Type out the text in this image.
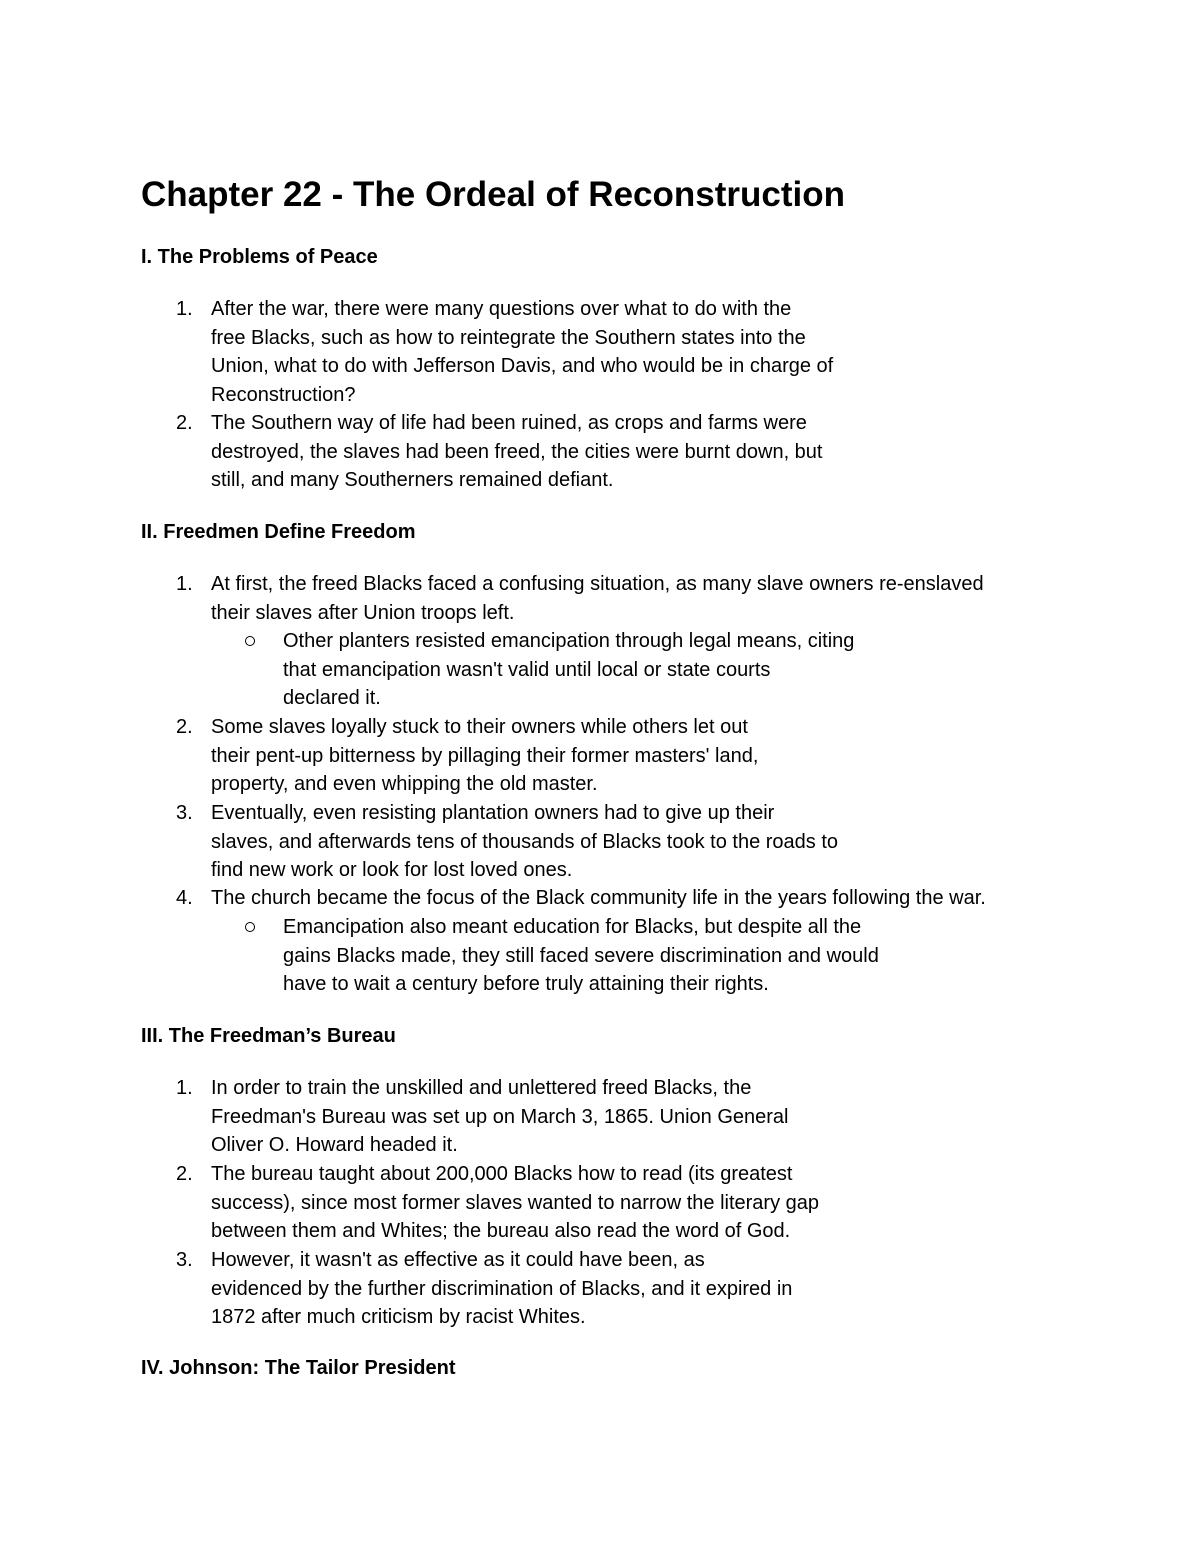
Chapter 22 - The Ordeal of Reconstruction
I. The Problems of Peace
1. After the war, there were many questions over what to do with the
free Blacks, such as how to reintegrate the Southern states into the
Union, what to do with Jefferson Davis, and who would be in charge of
Reconstruction?
2. The Southern way of life had been ruined, as crops and farms were
destroyed, the slaves had been freed, the cities were burnt down, but
still, and many Southerners remained defiant.
II. Freedmen Define Freedom
1. At first, the freed Blacks faced a confusing situation, as many slave owners re-enslaved
their slaves after Union troops left.
Other planters resisted emancipation through legal means, citing
that emancipation wasn't valid until local or state courts
declared it.
2. Some slaves loyally stuck to their owners while others let out
their pent-up bitterness by pillaging their former masters' land,
property, and even whipping the old master.
3. Eventually, even resisting plantation owners had to give up their
slaves, and afterwards tens of thousands of Blacks took to the roads to
find new work or look for lost loved ones.
4. The church became the focus of the Black community life in the years following the war.
Emancipation also meant education for Blacks, but despite all the
gains Blacks made, they still faced severe discrimination and would
have to wait a century before truly attaining their rights.
III. The Freedman’s Bureau
1. In order to train the unskilled and unlettered freed Blacks, the
Freedman's Bureau was set up on March 3, 1865. Union General
Oliver O. Howard headed it.
2. The bureau taught about 200,000 Blacks how to read (its greatest
success), since most former slaves wanted to narrow the literary gap
between them and Whites; the bureau also read the word of God.
3. However, it wasn't as effective as it could have been, as
evidenced by the further discrimination of Blacks, and it expired in
1872 after much criticism by racist Whites.
IV. Johnson: The Tailor President
